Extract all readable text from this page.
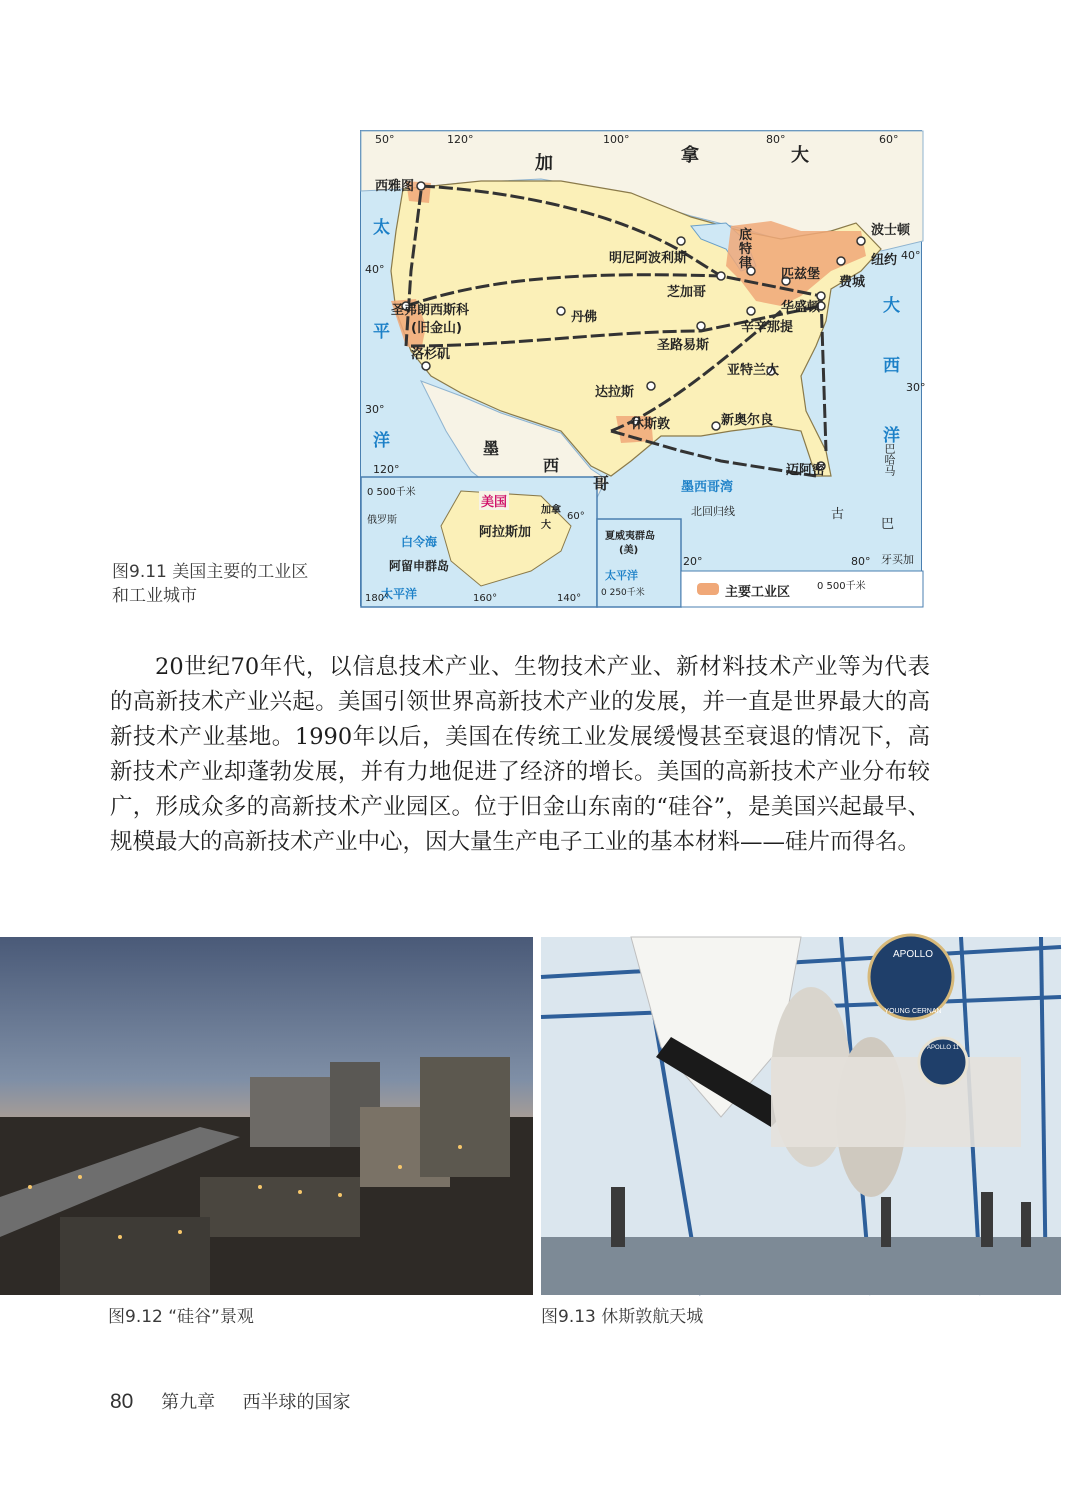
50°	120°	100°	80°	60°
加	拿	大
西雅图
明尼阿波利斯
底特律
波士顿
纽约
匹兹堡
费城
芝加哥
华盛顿
辛辛那提
丹佛
圣弗朗西斯科
(旧金山)
洛杉矶
圣路易斯
亚特兰大
达拉斯
休斯敦	新奥尔良
迈阿密
40°
40°
30°
30°
120°
20°	80°
太
平
洋
大
西
洋
墨
西
哥	墨西哥湾
古
巴
北回归线
牙买加
巴哈马
0 500千米
美国
阿拉斯加
加拿大
俄罗斯
白令海
阿留申群岛
太平洋
180°	160°	140°
60°
夏威夷群岛
(美)
太平洋
0 250千米	主要工业区	0 500千米
图9.11 美国主要的工业区
和工业城市

20世纪70年代，以信息技术产业、生物技术产业、新材料技术产业等为代表的高新技术产业兴起。美国引领世界高新技术产业的发展，并一直是世界最大的高新技术产业基地。1990年以后，美国在传统工业发展缓慢甚至衰退的情况下，高新技术产业却蓬勃发展，并有力地促进了经济的增长。美国的高新技术产业分布较广，形成众多的高新技术产业园区。位于旧金山东南的“硅谷”，是美国兴起最早、规模最大的高新技术产业中心，因大量生产电子工业的基本材料——硅片而得名。

APOLLO
YOUNG CERNAN
APOLLO 11
图9.12 “硅谷”景观	图9.13 休斯敦航天城
80 第九章 西半球的国家
